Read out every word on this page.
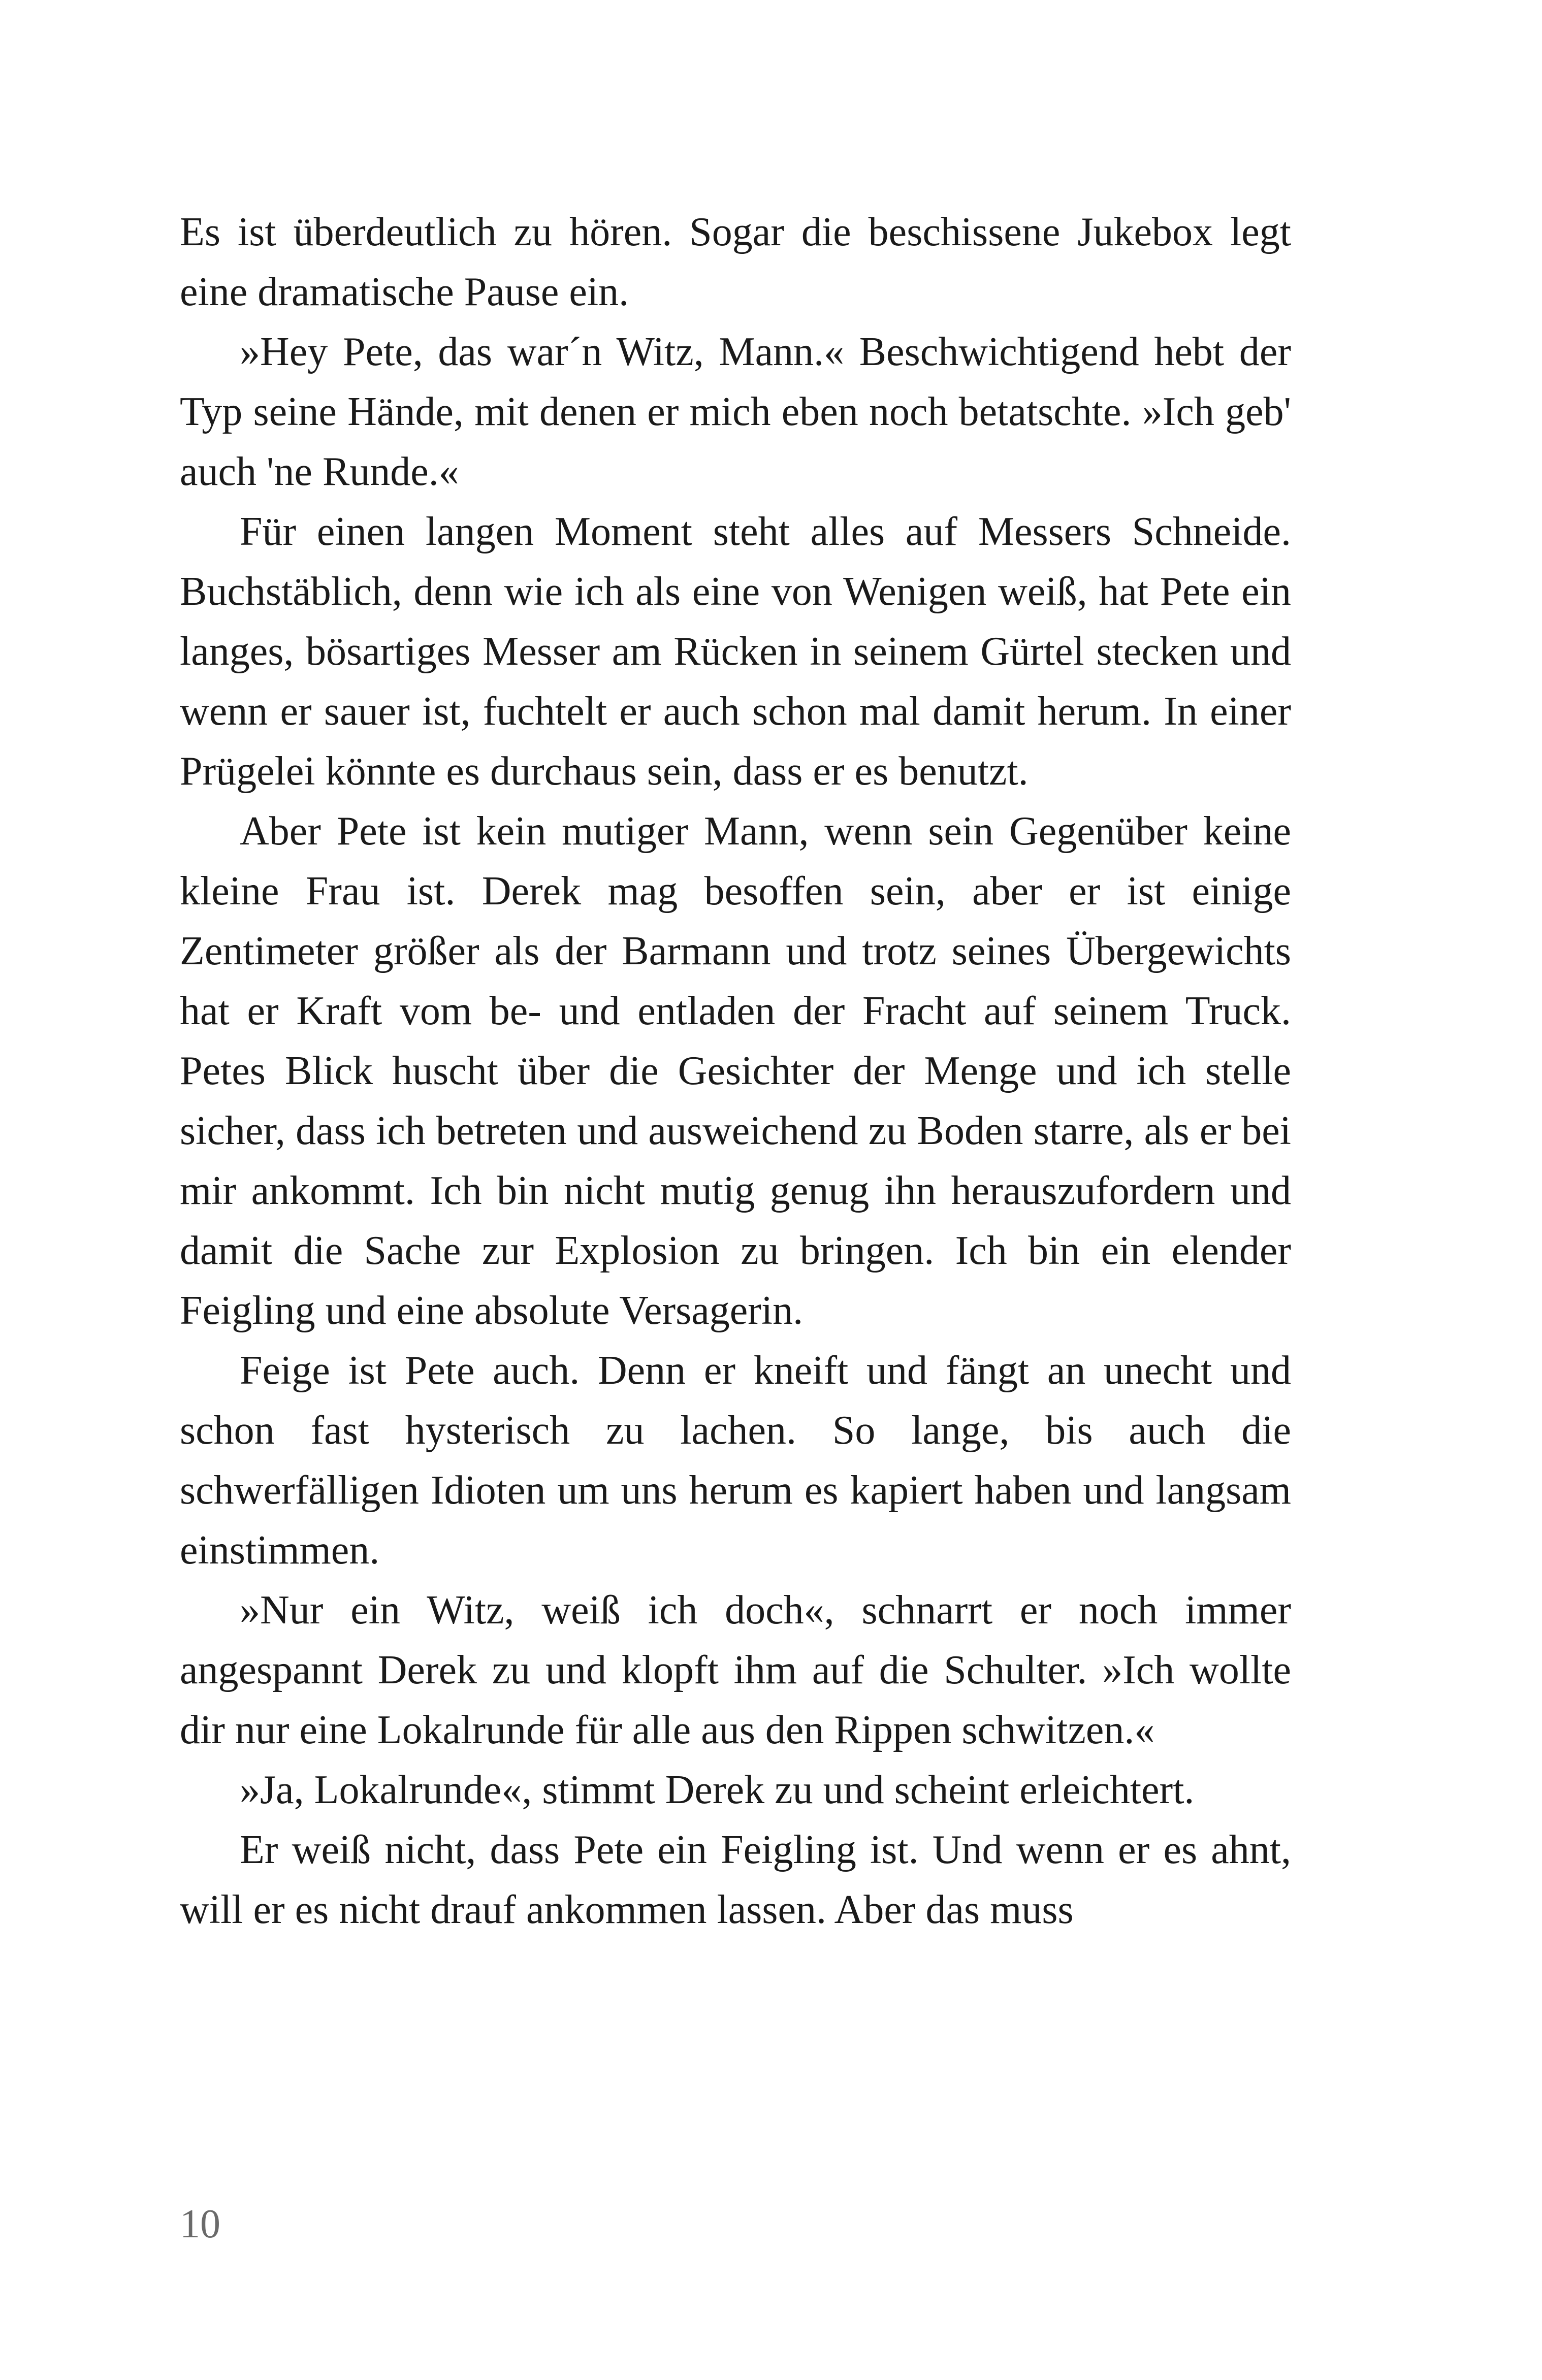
Es ist überdeutlich zu hören. Sogar die beschissene Jukebox legt eine dramatische Pause ein.

»Hey Pete, das war´n Witz, Mann.« Beschwichtigend hebt der Typ seine Hände, mit denen er mich eben noch betatschte. »Ich geb' auch 'ne Runde.«

Für einen langen Moment steht alles auf Messers Schneide. Buchstäblich, denn wie ich als eine von Wenigen weiß, hat Pete ein langes, bösartiges Messer am Rücken in seinem Gürtel stecken und wenn er sauer ist, fuchtelt er auch schon mal damit herum. In einer Prügelei könnte es durchaus sein, dass er es benutzt.

Aber Pete ist kein mutiger Mann, wenn sein Gegenüber keine kleine Frau ist. Derek mag besoffen sein, aber er ist einige Zentimeter größer als der Barmann und trotz seines Übergewichts hat er Kraft vom be- und entladen der Fracht auf seinem Truck. Petes Blick huscht über die Gesichter der Menge und ich stelle sicher, dass ich betreten und ausweichend zu Boden starre, als er bei mir ankommt. Ich bin nicht mutig genug ihn herauszufordern und damit die Sache zur Explosion zu bringen. Ich bin ein elender Feigling und eine absolute Versagerin.

Feige ist Pete auch. Denn er kneift und fängt an unecht und schon fast hysterisch zu lachen. So lange, bis auch die schwerfälligen Idioten um uns herum es kapiert haben und langsam einstimmen.

»Nur ein Witz, weiß ich doch«, schnarrt er noch immer angespannt Derek zu und klopft ihm auf die Schulter. »Ich wollte dir nur eine Lokalrunde für alle aus den Rippen schwitzen.«

»Ja, Lokalrunde«, stimmt Derek zu und scheint erleichtert.

Er weiß nicht, dass Pete ein Feigling ist. Und wenn er es ahnt, will er es nicht drauf ankommen lassen. Aber das muss

10
